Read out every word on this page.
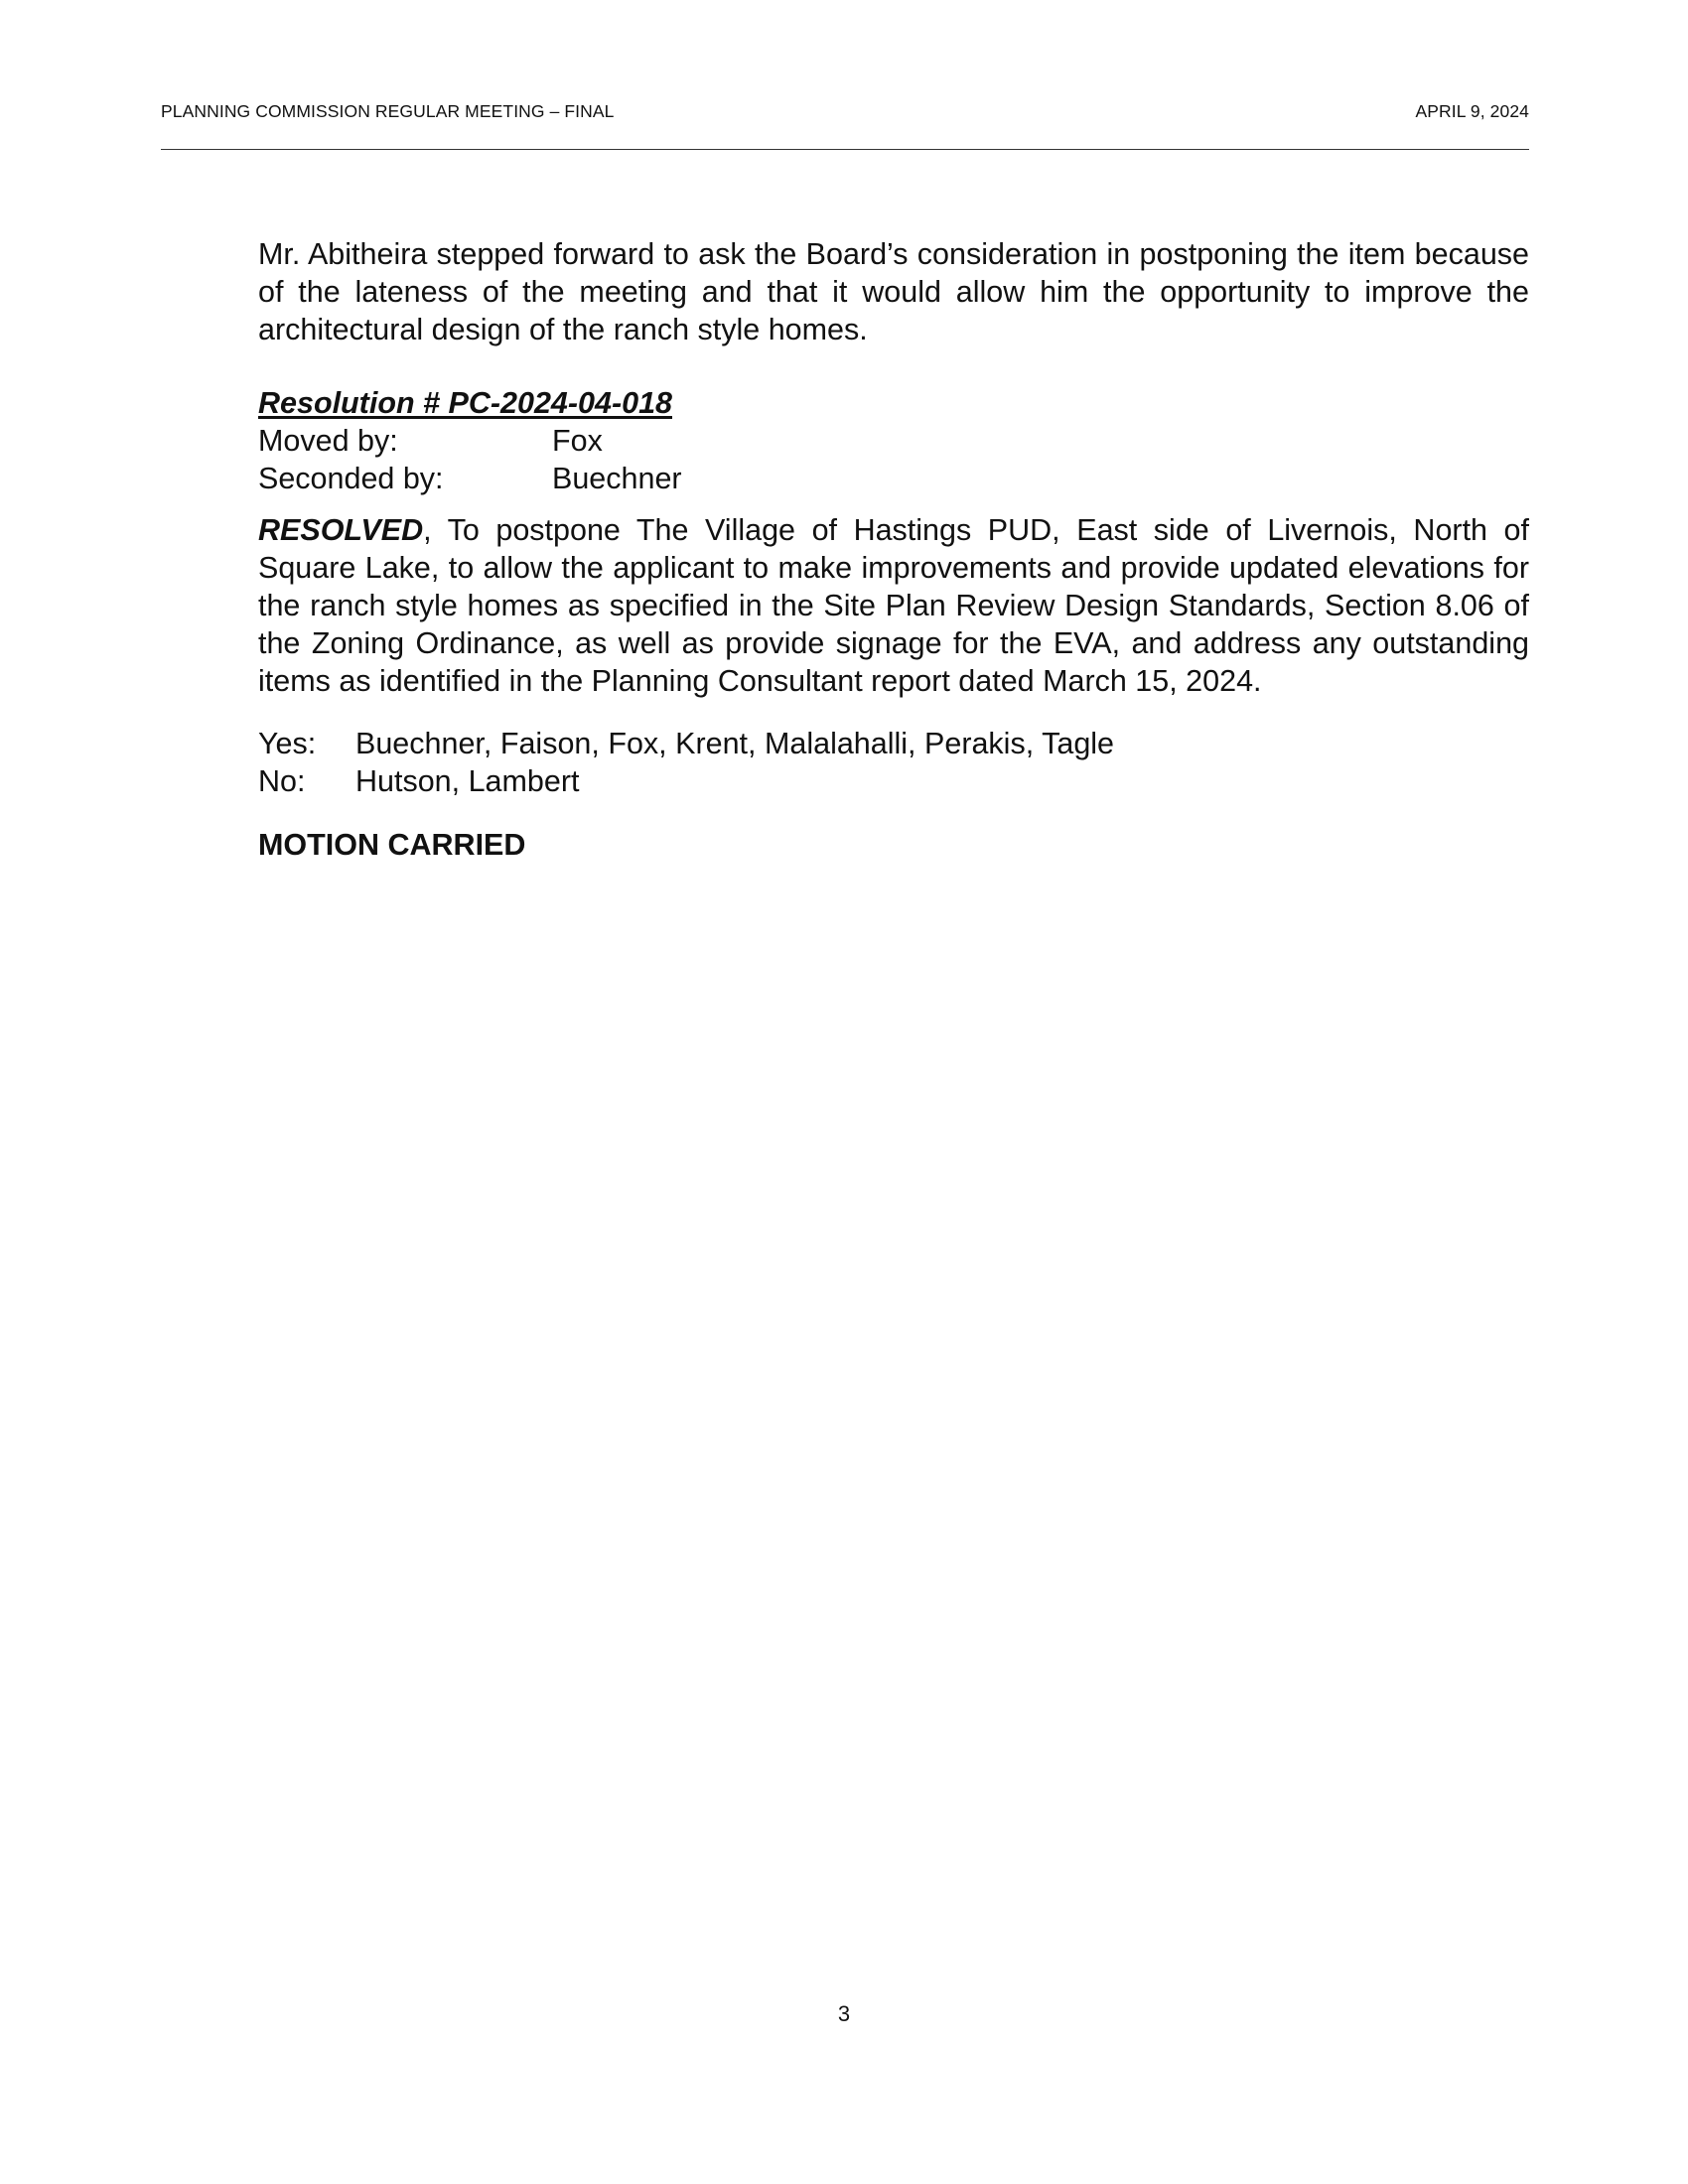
PLANNING COMMISSION REGULAR MEETING – FINAL	APRIL 9, 2024

Mr. Abitheira stepped forward to ask the Board’s consideration in postponing the item because of the lateness of the meeting and that it would allow him the opportunity to improve the architectural design of the ranch style homes.

Resolution # PC-2024-04-018
Moved by:	Fox
Seconded by:	Buechner

RESOLVED, To postpone The Village of Hastings PUD, East side of Livernois, North of Square Lake, to allow the applicant to make improvements and provide updated elevations for the ranch style homes as specified in the Site Plan Review Design Standards, Section 8.06 of the Zoning Ordinance, as well as provide signage for the EVA, and address any outstanding items as identified in the Planning Consultant report dated March 15, 2024.

Yes:	Buechner, Faison, Fox, Krent, Malalahalli, Perakis, Tagle
No:	Hutson, Lambert
MOTION CARRIED
3
